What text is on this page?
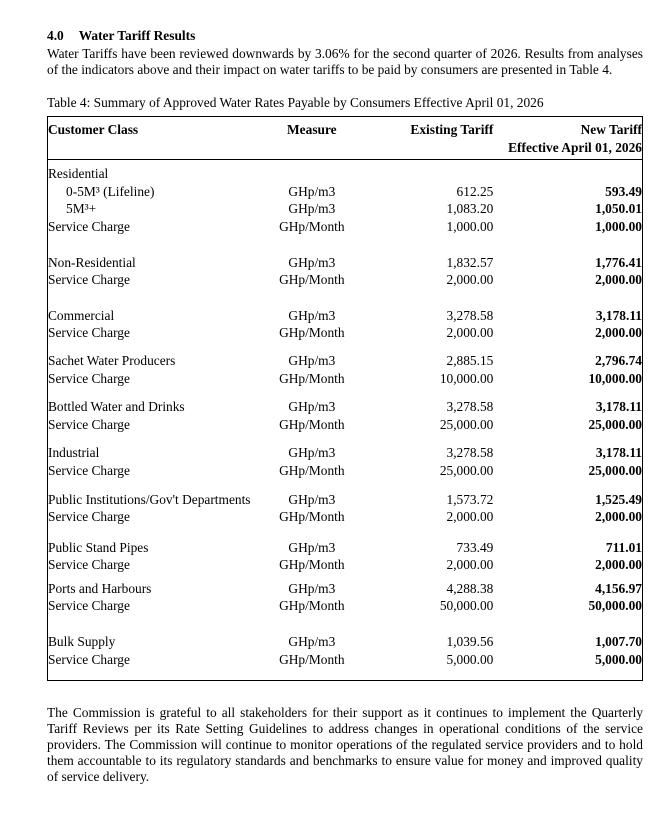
4.0 Water Tariff Results

Water Tariffs have been reviewed downwards by 3.06% for the second quarter of 2026. Results from analyses of the indicators above and their impact on water tariffs to be paid by consumers are presented in Table 4.

Table 4: Summary of Approved Water Rates Payable by Consumers Effective April 01, 2026

Customer Class	Measure	Existing Tariff	New Tariff
			Effective April 01, 2026
Residential			
0-5M³ (Lifeline)	GHp/m3	612.25	593.49
5M³+	GHp/m3	1,083.20	1,050.01
Service Charge	GHp/Month	1,000.00	1,000.00

Non-Residential	GHp/m3	1,832.57	1,776.41
Service Charge	GHp/Month	2,000.00	2,000.00

Commercial	GHp/m3	3,278.58	3,178.11
Service Charge	GHp/Month	2,000.00	2,000.00

Sachet Water Producers	GHp/m3	2,885.15	2,796.74
Service Charge	GHp/Month	10,000.00	10,000.00

Bottled Water and Drinks	GHp/m3	3,278.58	3,178.11
Service Charge	GHp/Month	25,000.00	25,000.00

Industrial	GHp/m3	3,278.58	3,178.11
Service Charge	GHp/Month	25,000.00	25,000.00

Public Institutions/Gov't Departments	GHp/m3	1,573.72	1,525.49
Service Charge	GHp/Month	2,000.00	2,000.00

Public Stand Pipes	GHp/m3	733.49	711.01
Service Charge	GHp/Month	2,000.00	2,000.00

Ports and Harbours	GHp/m3	4,288.38	4,156.97
Service Charge	GHp/Month	50,000.00	50,000.00

Bulk Supply	GHp/m3	1,039.56	1,007.70
Service Charge	GHp/Month	5,000.00	5,000.00

The Commission is grateful to all stakeholders for their support as it continues to implement the Quarterly Tariff Reviews per its Rate Setting Guidelines to address changes in operational conditions of the service providers. The Commission will continue to monitor operations of the regulated service providers and to hold them accountable to its regulatory standards and benchmarks to ensure value for money and improved quality of service delivery.
